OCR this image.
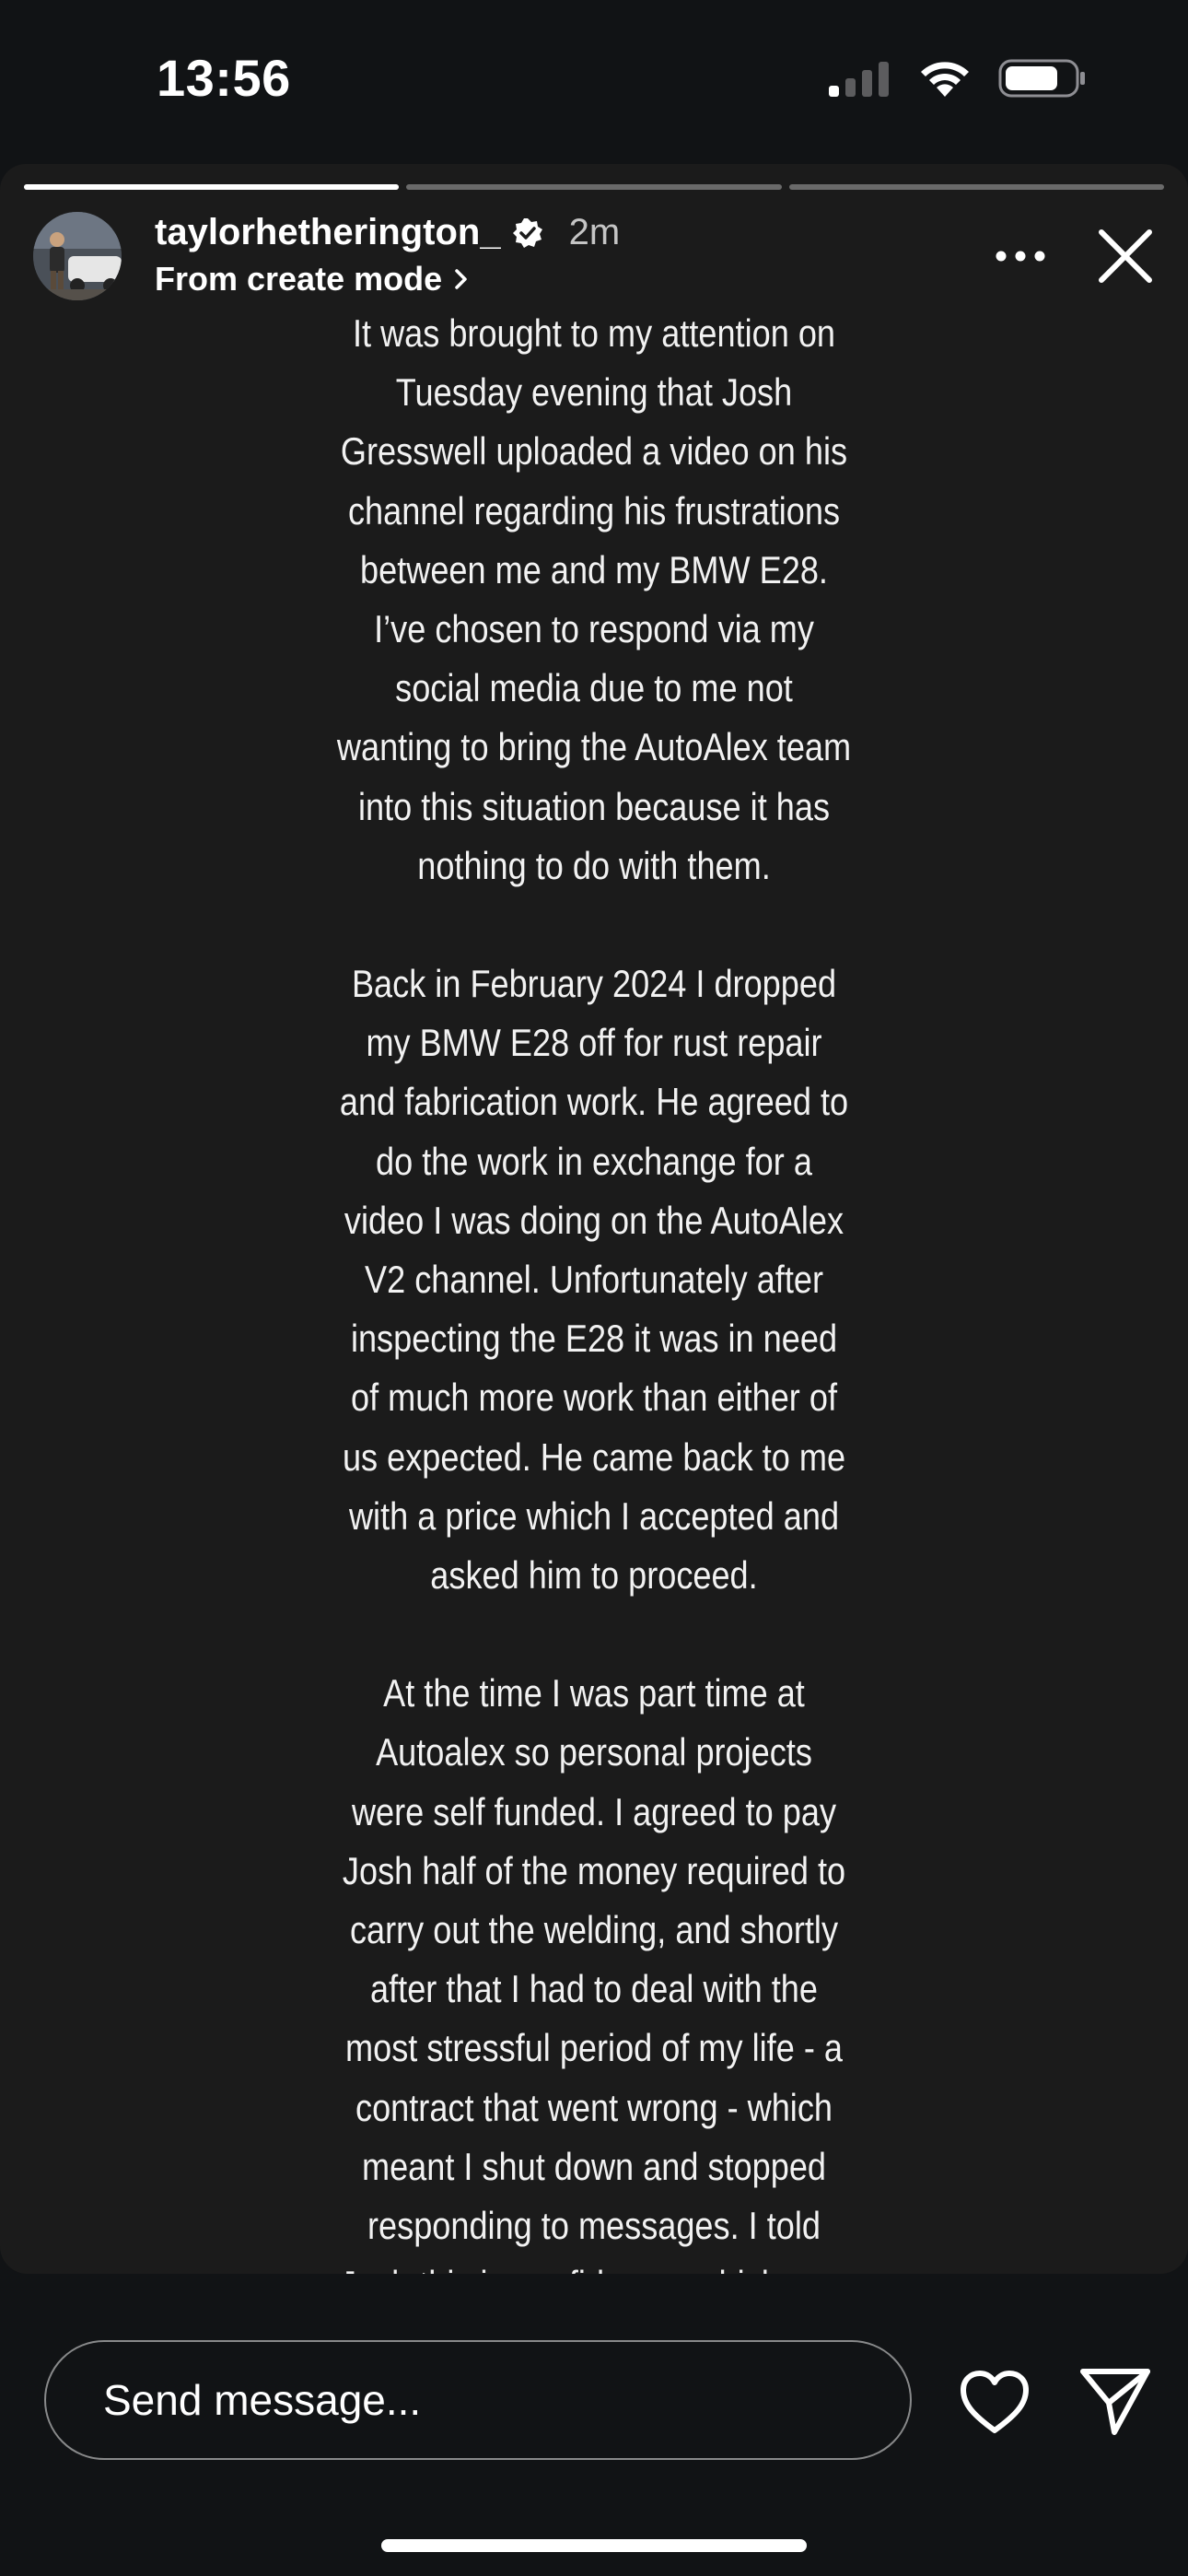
13:56
taylorhetherington_ 2m
From create mode

It was brought to my attention on Tuesday evening that Josh Gresswell uploaded a video on his channel regarding his frustrations between me and my BMW E28. I’ve chosen to respond via my social media due to me not wanting to bring the AutoAlex team into this situation because it has nothing to do with them.

Back in February 2024 I dropped my BMW E28 off for rust repair and fabrication work. He agreed to do the work in exchange for a video I was doing on the AutoAlex V2 channel. Unfortunately after inspecting the E28 it was in need of much more work than either of us expected. He came back to me with a price which I accepted and asked him to proceed.

At the time I was part time at Autoalex so personal projects were self funded. I agreed to pay Josh half of the money required to carry out the welding, and shortly after that I had to deal with the most stressful period of my life - a contract that went wrong - which meant I shut down and stopped responding to messages. I told

Send message...
